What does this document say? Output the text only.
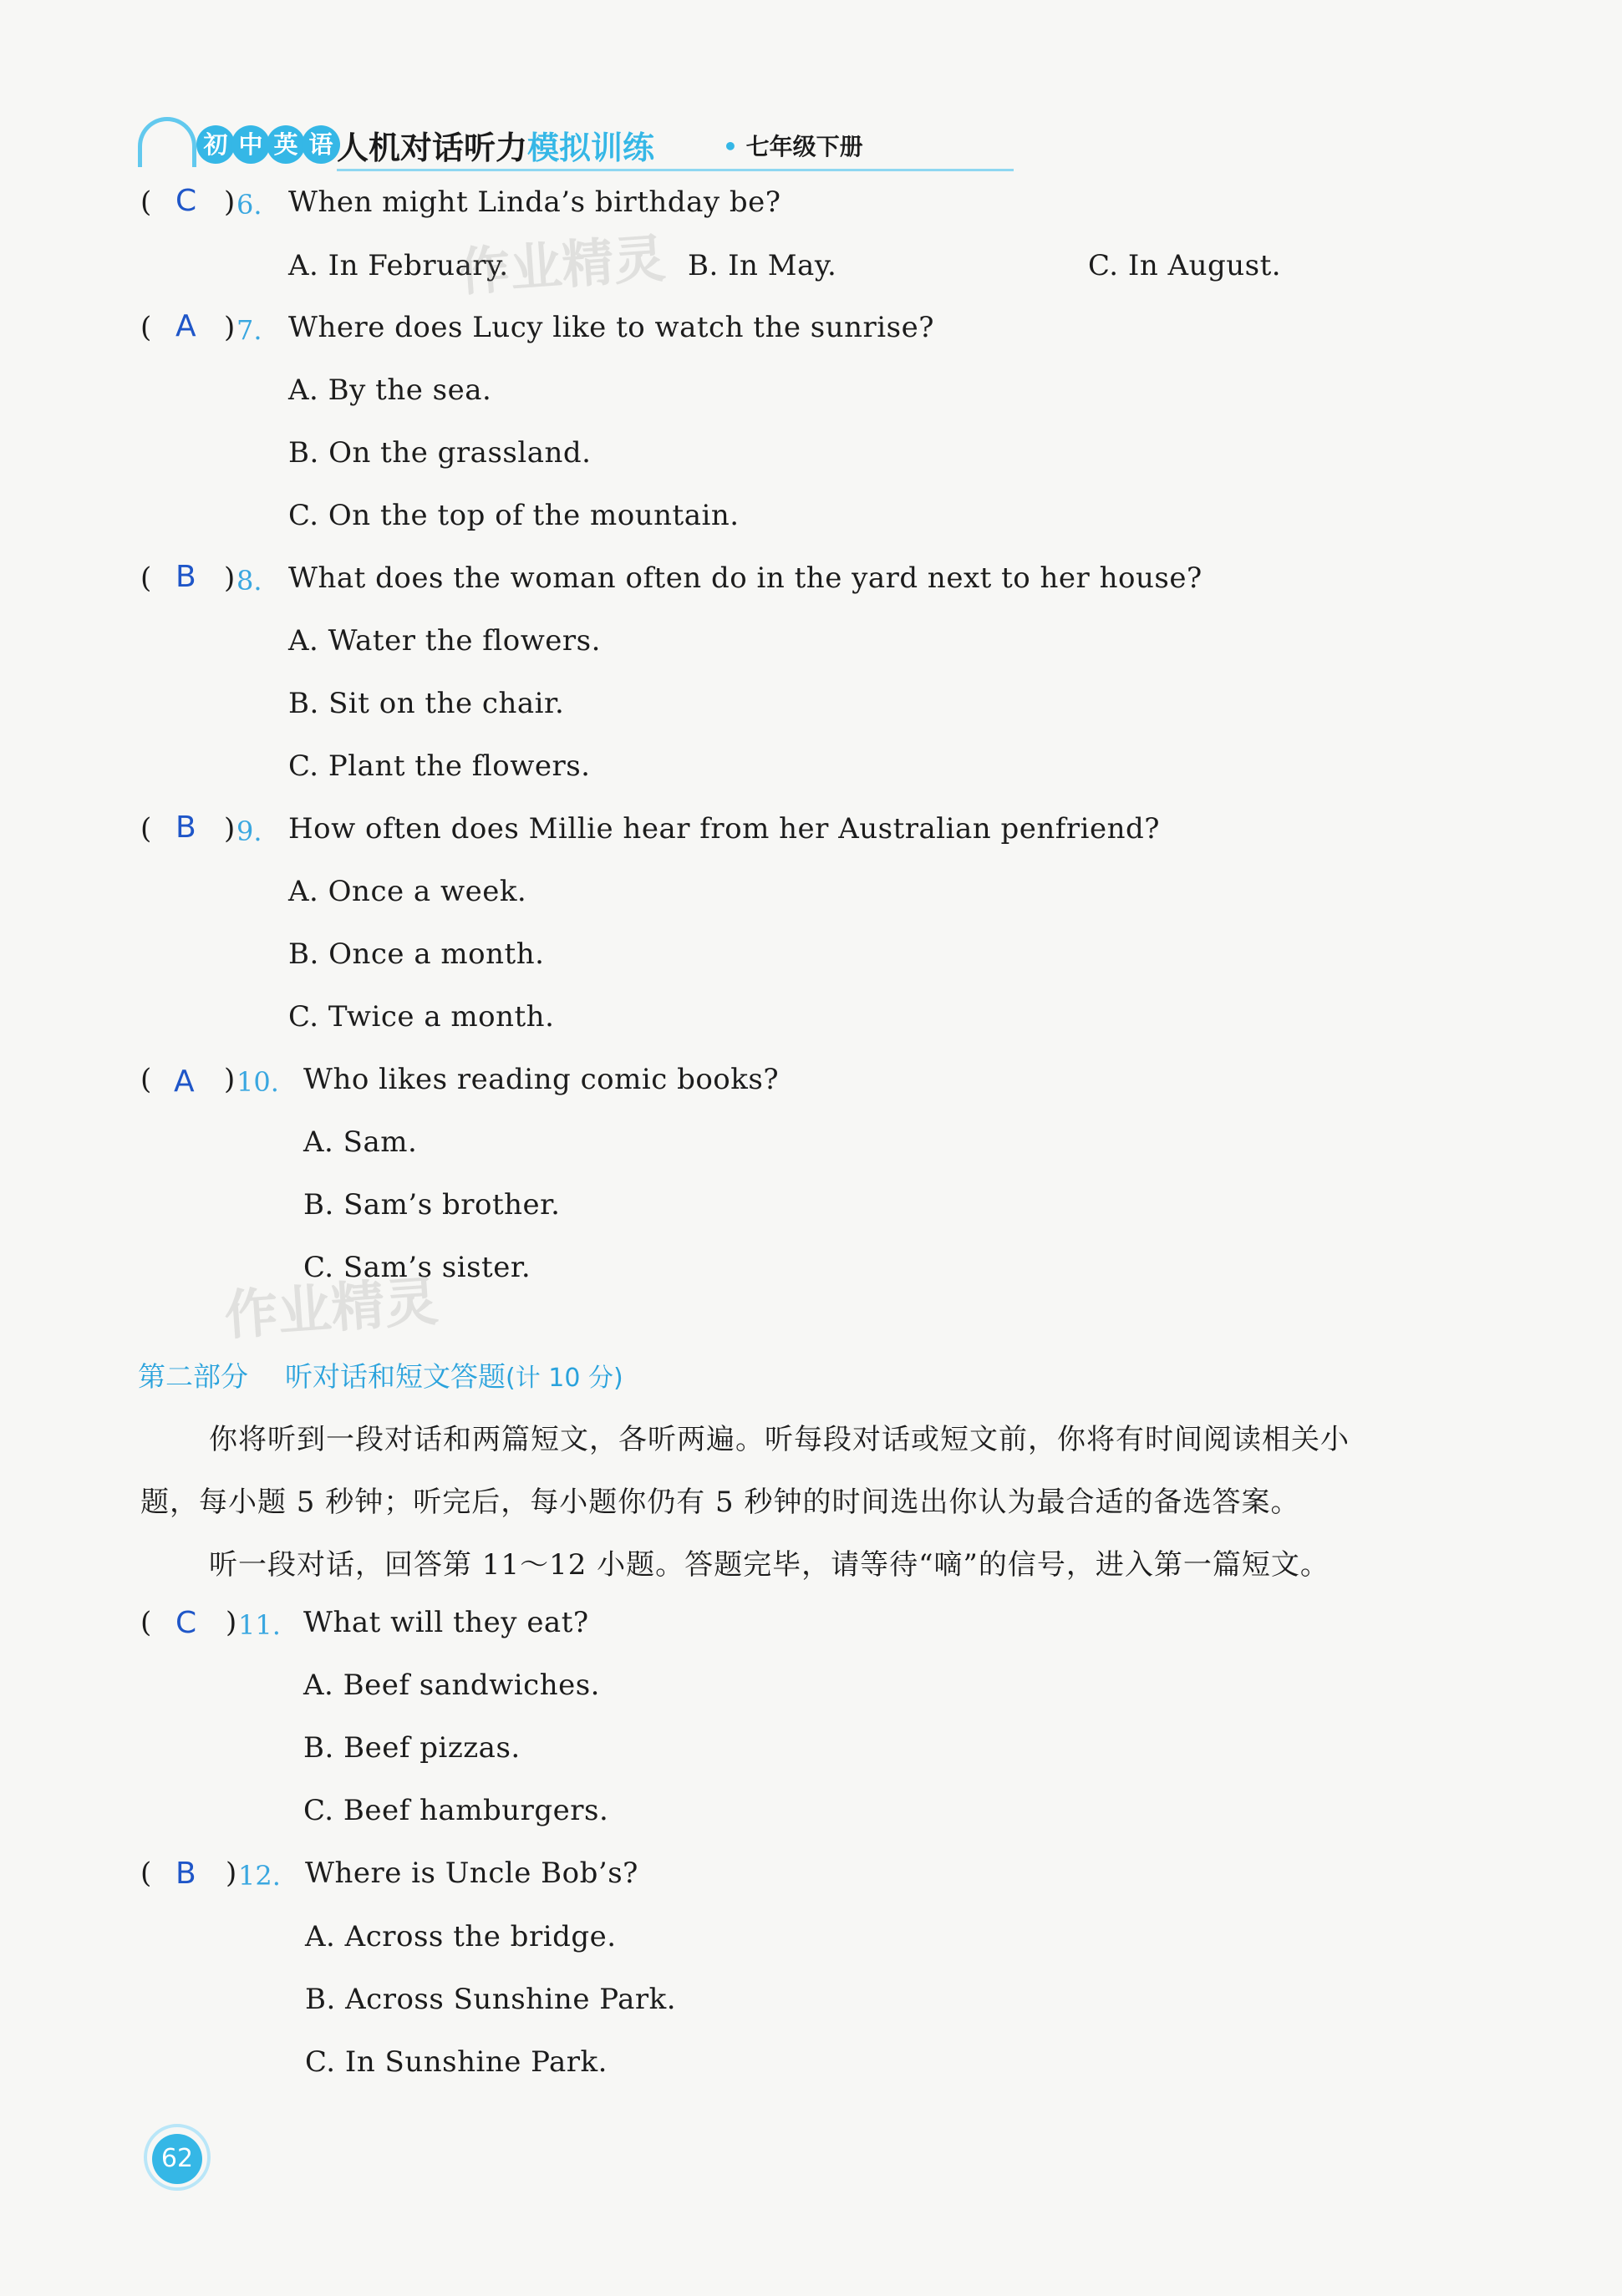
初 中 英 语 人机对话听力模拟训练	• 七年级下册
( C ) 6. When might Linda’s birthday be?
A. In February.	B. In May.	C. In August.
( A ) 7. Where does Lucy like to watch the sunrise?
A. By the sea.
B. On the grassland.
C. On the top of the mountain.
( B ) 8. What does the woman often do in the yard next to her house?
A. Water the flowers.
B. Sit on the chair.
C. Plant the flowers.
( B ) 9. How often does Millie hear from her Australian penfriend?
A. Once a week.
B. Once a month.
C. Twice a month.
( A ) 10. Who likes reading comic books?
A. Sam.
B. Sam’s brother.
C. Sam’s sister.
作业精灵
作业精灵
第二部分 听对话和短文答题(计 10 分)
你将听到一段对话和两篇短文，各听两遍。听每段对话或短文前，你将有时间阅读相关小
题，每小题 5 秒钟；听完后，每小题你仍有 5 秒钟的时间选出你认为最合适的备选答案。
听一段对话，回答第 11～12 小题。答题完毕，请等待“嘀”的信号，进入第一篇短文。
( C ) 11. What will they eat?
A. Beef sandwiches.
B. Beef pizzas.
C. Beef hamburgers.
( B ) 12. Where is Uncle Bob’s?
A. Across the bridge.
B. Across Sunshine Park.
C. In Sunshine Park.
62
